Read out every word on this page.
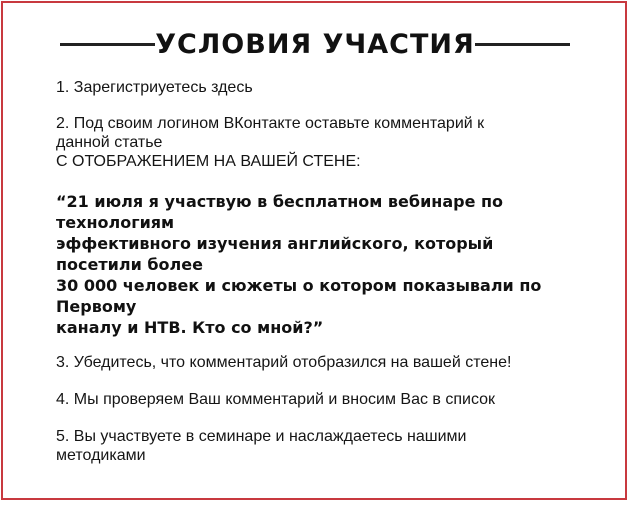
УСЛОВИЯ УЧАСТИЯ
1. Зарегистриуетесь здесь
2. Под своим логином ВКонтакте оставьте комментарий к
данной статье
С ОТОБРАЖЕНИЕМ НА ВАШЕЙ СТЕНЕ:
“21 июля я участвую в бесплатном вебинаре по
технологиям
эффективного изучения английского, который
посетили более
30 000 человек и сюжеты о котором показывали по
Первому
каналу и НТВ. Кто со мной?”
3. Убедитесь, что комментарий отобразился на вашей стене!
4. Мы проверяем Ваш комментарий и вносим Вас в список
5. Вы участвуете в семинаре и наслаждаетесь нашими
методиками
